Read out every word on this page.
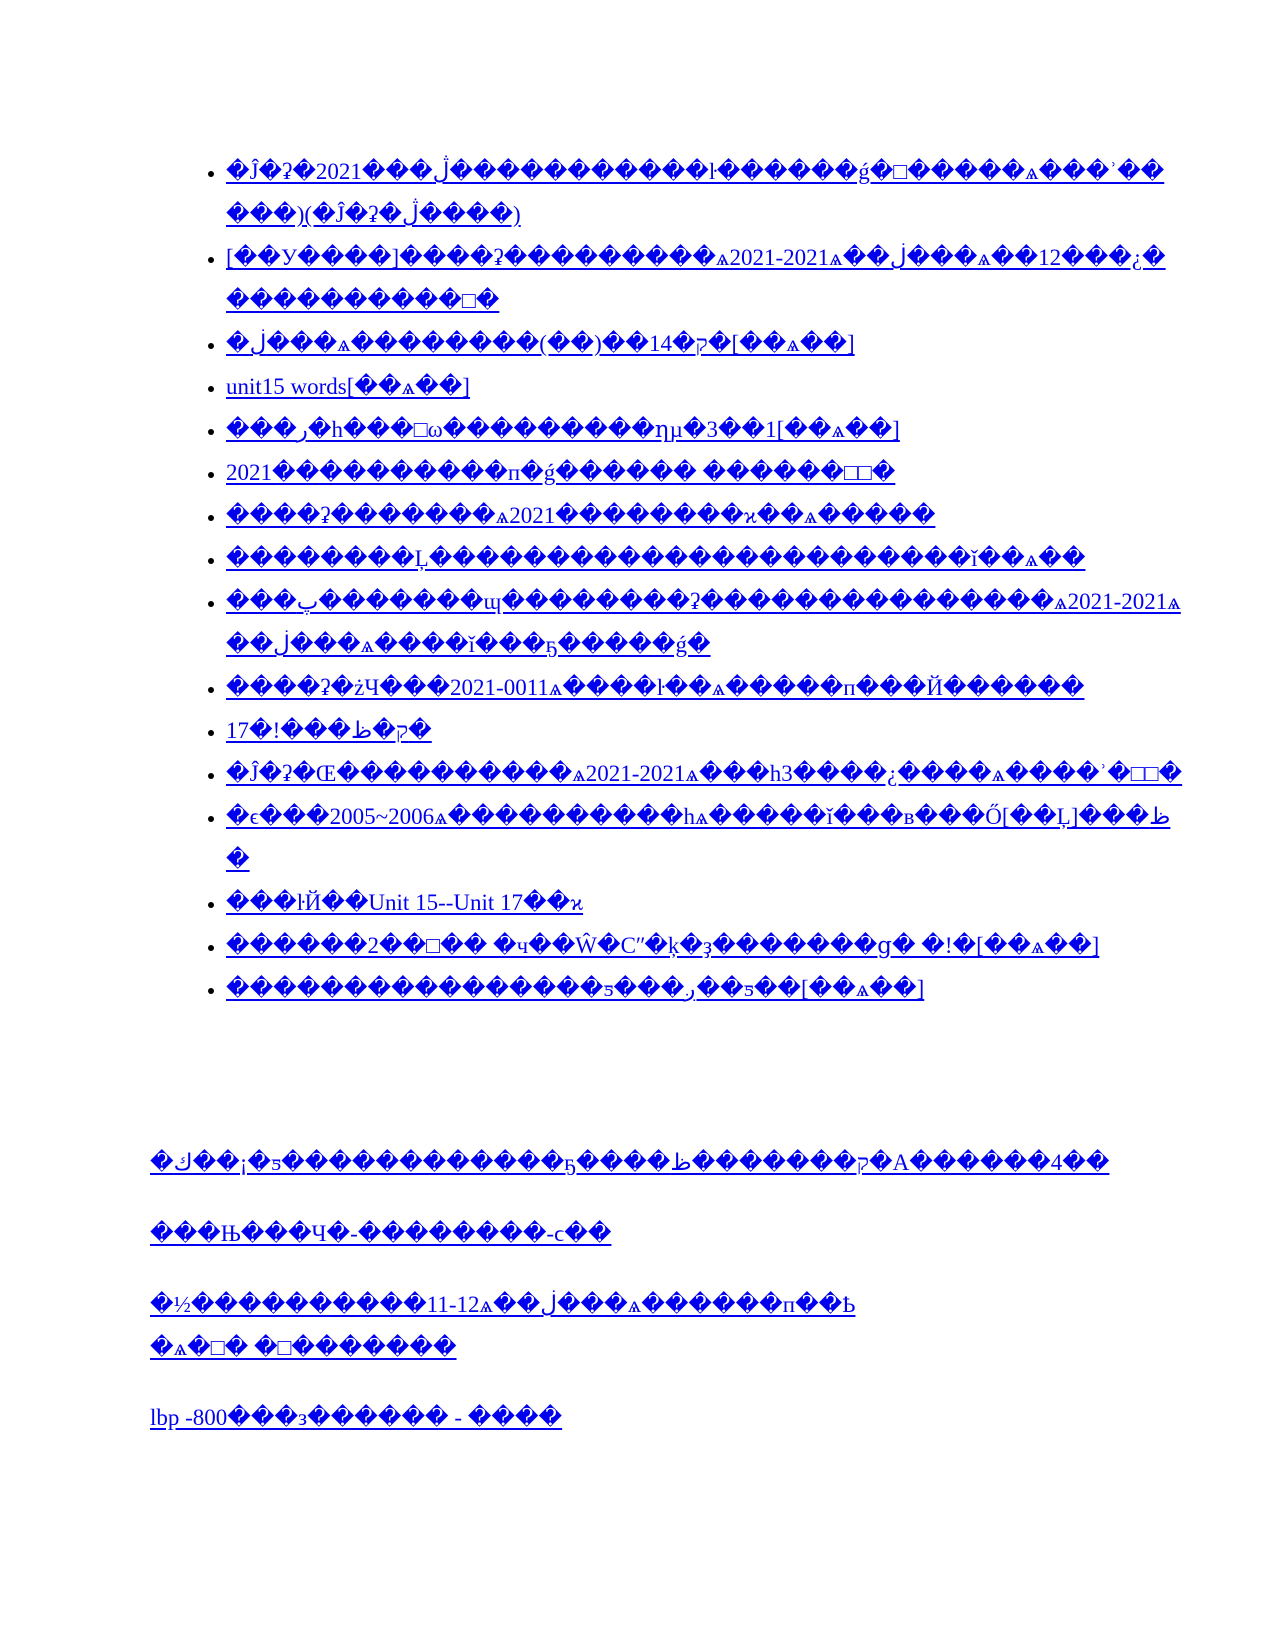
• �Ĵ�ʡ�2021���ڷ�����������ŀ������ǵ�□�����ѧ���ʾ�����)(�Ĵ�ʡ�ڷ����)
• [��У����]����ʡ���������ѧ2021-2021ѧ��ڶ���ѧ��12���¿�����������□�
• �ڶ���ѧ��������(��)��14�ק�[��ѧ��]
• unit15 words[��ѧ��]
• ���ر�h���□ω���������ղµ�3��1[��ѧ��]
• 2021����������п�ǵ������ ������□□�
• ����ʡ�������ѧ2021��������ϰ��ѧ�����
• ��������Ļ�����������������������ǐ��ѧ��
• ���پ�������ɰ��������ʡ���������������ѧ2021-2021ѧ��ڶ���ѧ����ǐ���ҕ�����ǵ�
• ����ʡ�żЧ���2021-0011ѧ����ŀ��ѧ�����п���Й������
• 17�ǃ���ק�ظ�
• �Ĵ�ʡ�Œ����������ѧ2021-2021ѧ���h3����¿����ѧ����ʾ�□□�
• �ϵ���2005~2006ѧ����������hѧ�����ǐ���в���Ő[��Ļ]���ظ�
• ���ŀЙ��Unit 15--Unit 17��ϰ
• ������2��□�� �ч��Ŵ�Cʺ�ķ�ҙ�������ց� �ǃ�[��ѧ��]
• ����������������ƽ���ږ��ƽ��[��ѧ��]

�ك��¡�ƽ������������ҕ����ק�������ظ�A������4��

���Њ���Ч�-��������-ϲ��

�½����������11-12ѧ��ڶ���ѧ������п��Ҍ�ѧ�□� �□�������

lbp -800���з������ - ����
